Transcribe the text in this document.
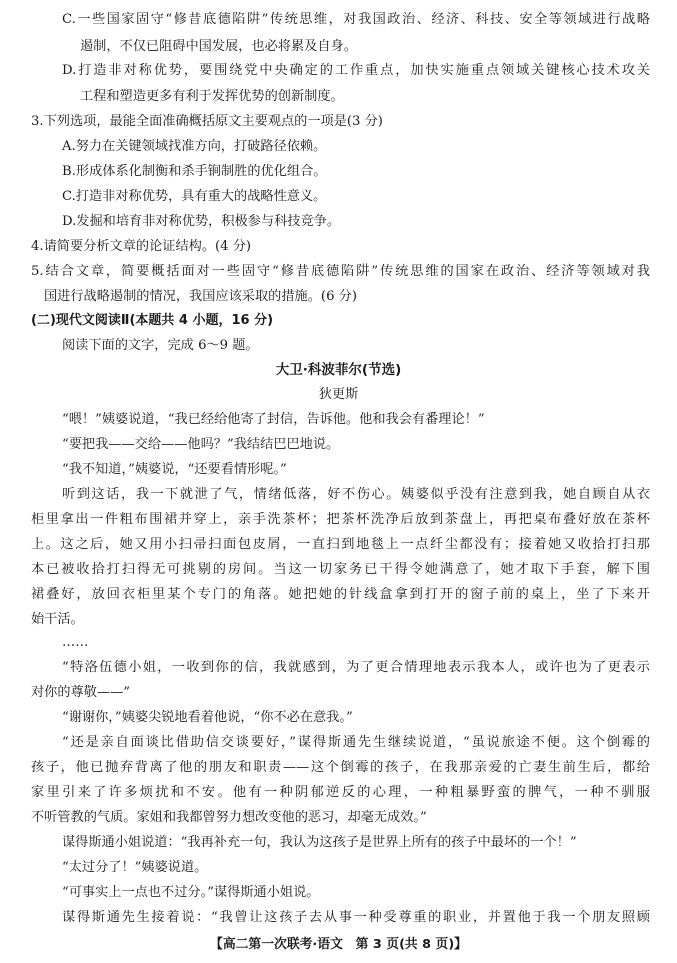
C.一些国家固守“修昔底德陷阱”传统思维，对我国政治、经济、科技、安全等领域进行战略
遏制，不仅已阻碍中国发展，也必将累及自身。
D.打造非对称优势，要围绕党中央确定的工作重点，加快实施重点领域关键核心技术攻关
工程和塑造更多有利于发挥优势的创新制度。
3.下列选项，最能全面准确概括原文主要观点的一项是(3 分)
A.努力在关键领域找准方向，打破路径依赖。
B.形成体系化制衡和杀手锏制胜的优化组合。
C.打造非对称优势，具有重大的战略性意义。
D.发掘和培育非对称优势，积极参与科技竞争。
4.请简要分析文章的论证结构。(4 分)
5.结合文章，简要概括面对一些固守“修昔底德陷阱”传统思维的国家在政治、经济等领域对我
国进行战略遏制的情况，我国应该采取的措施。(6 分)
(二)现代文阅读Ⅱ(本题共 4 小题，16 分)
阅读下面的文字，完成 6～9 题。
大卫·科波菲尔(节选)
狄更斯
“喂！”姨婆说道，“我已经给他寄了封信，告诉他。他和我会有番理论！”
“要把我——交给——他吗？”我结结巴巴地说。
“我不知道，”姨婆说，“还要看情形呢。”
听到这话，我一下就泄了气，情绪低落，好不伤心。姨婆似乎没有注意到我，她自顾自从衣
柜里拿出一件粗布围裙并穿上，亲手洗茶杯；把茶杯洗净后放到茶盘上，再把桌布叠好放在茶杯
上。这之后，她又用小扫帚扫面包皮屑，一直扫到地毯上一点纤尘都没有；接着她又收拾打扫那
本已被收拾打扫得无可挑剔的房间。当这一切家务已干得令她满意了，她才取下手套，解下围
裙叠好，放回衣柜里某个专门的角落。她把她的针线盒拿到打开的窗子前的桌上，坐了下来开
始干活。
……
“特洛伍德小姐，一收到你的信，我就感到，为了更合情理地表示我本人，或许也为了更表示
对你的尊敬——”
“谢谢你，”姨婆尖锐地看着他说，“你不必在意我。”
“还是亲自面谈比借助信交谈要好，”谋得斯通先生继续说道，“虽说旅途不便。这个倒霉的
孩子，他已抛弃背离了他的朋友和职责——这个倒霉的孩子，在我那亲爱的亡妻生前生后，都给
家里引来了许多烦扰和不安。他有一种阴郁逆反的心理，一种粗暴野蛮的脾气，一种不驯服
不听管教的气质。家姐和我都曾努力想改变他的恶习，却毫无成效。”
谋得斯通小姐说道：“我再补充一句，我认为这孩子是世界上所有的孩子中最坏的一个！”
“太过分了！”姨婆说道。
“可事实上一点也不过分。”谋得斯通小姐说。
谋得斯通先生接着说：“我曾让这孩子去从事一种受尊重的职业，并置他于我一个朋友照顾
【高二第一次联考·语文　第 3 页(共 8 页)】
